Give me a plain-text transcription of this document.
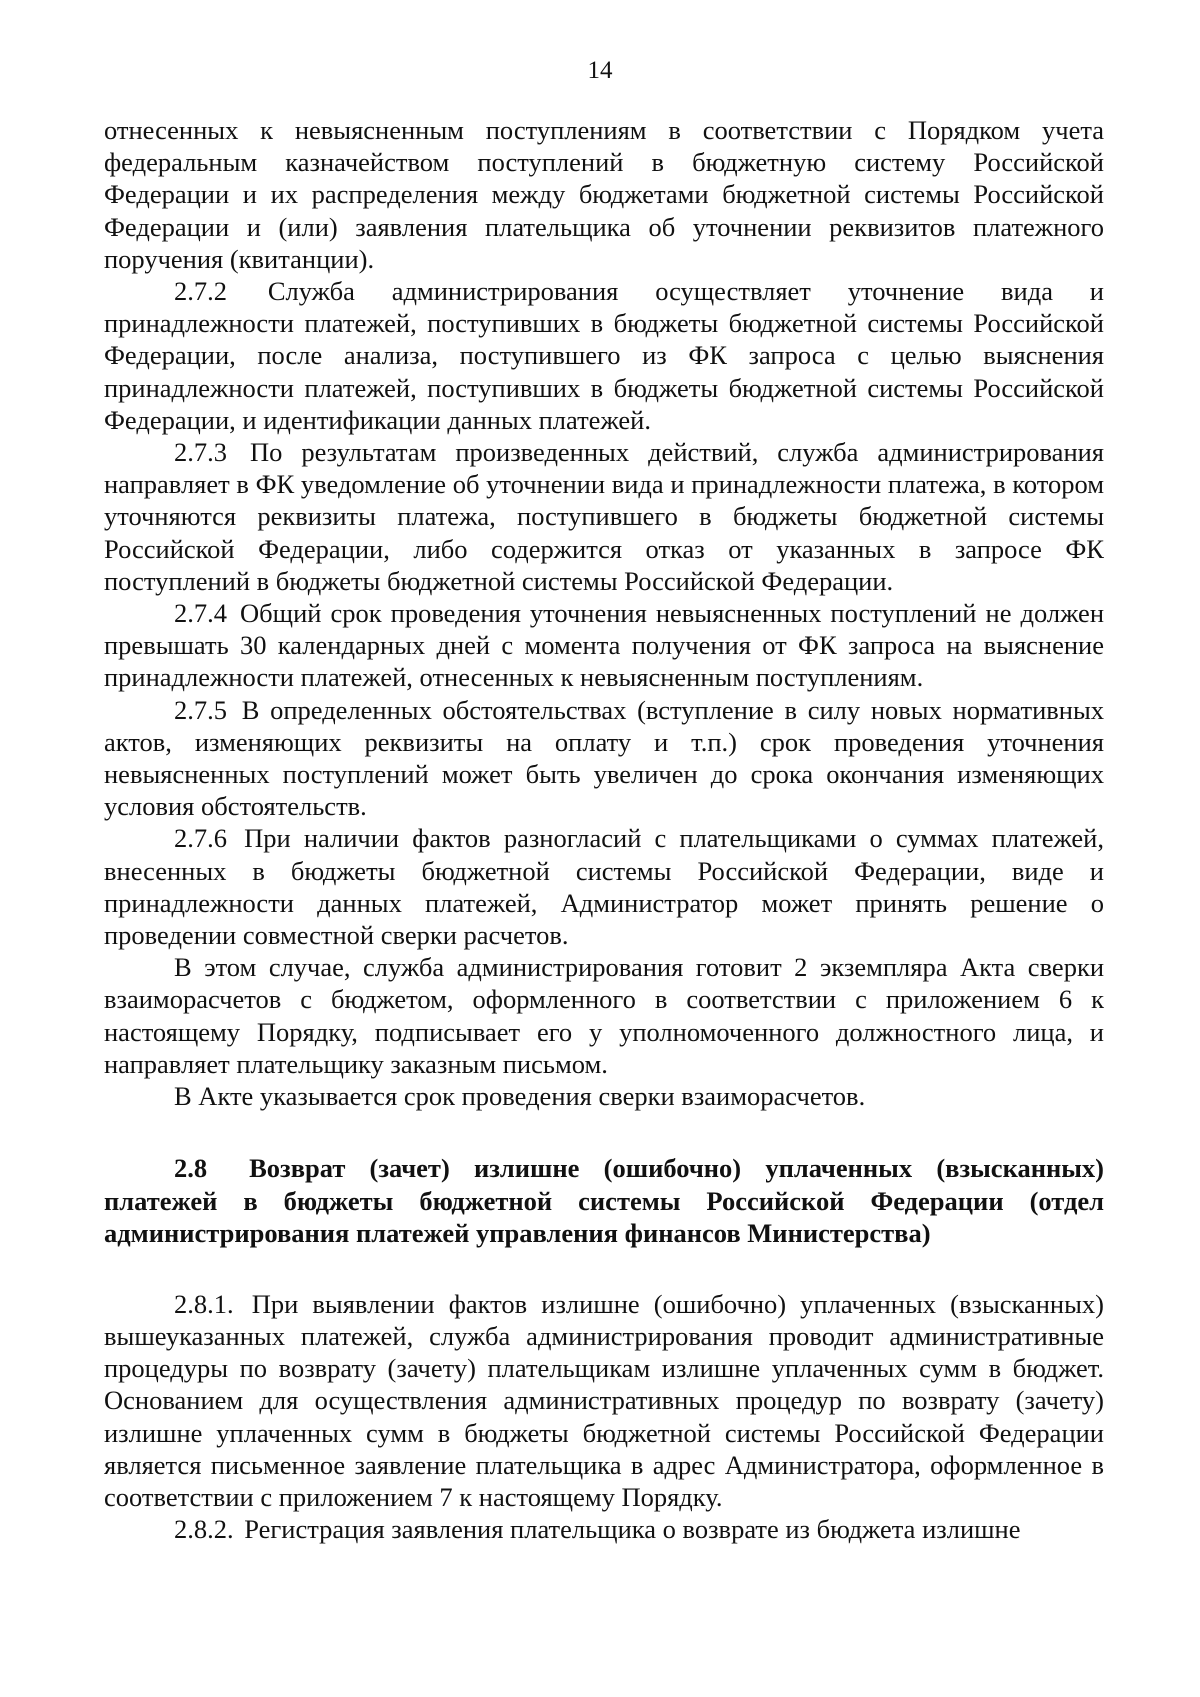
14

отнесенных к невыясненным поступлениям в соответствии с Порядком учета федеральным казначейством поступлений в бюджетную систему Российской Федерации и их распределения между бюджетами бюджетной системы Российской Федерации и (или) заявления плательщика об уточнении реквизитов платежного поручения (квитанции).

2.7.2 Служба администрирования осуществляет уточнение вида и принадлежности платежей, поступивших в бюджеты бюджетной системы Российской Федерации, после анализа, поступившего из ФК запроса с целью выяснения принадлежности платежей, поступивших в бюджеты бюджетной системы Российской Федерации, и идентификации данных платежей.

2.7.3 По результатам произведенных действий, служба администрирования направляет в ФК уведомление об уточнении вида и принадлежности платежа, в котором уточняются реквизиты платежа, поступившего в бюджеты бюджетной системы Российской Федерации, либо содержится отказ от указанных в запросе ФК поступлений в бюджеты бюджетной системы Российской Федерации.

2.7.4 Общий срок проведения уточнения невыясненных поступлений не должен превышать 30 календарных дней с момента получения от ФК запроса на выяснение принадлежности платежей, отнесенных к невыясненным поступлениям.

2.7.5 В определенных обстоятельствах (вступление в силу новых нормативных актов, изменяющих реквизиты на оплату и т.п.) срок проведения уточнения невыясненных поступлений может быть увеличен до срока окончания изменяющих условия обстоятельств.

2.7.6 При наличии фактов разногласий с плательщиками о суммах платежей, внесенных в бюджеты бюджетной системы Российской Федерации, виде и принадлежности данных платежей, Администратор может принять решение о проведении совместной сверки расчетов.

В этом случае, служба администрирования готовит 2 экземпляра Акта сверки взаиморасчетов с бюджетом, оформленного в соответствии с приложением 6 к настоящему Порядку, подписывает его у уполномоченного должностного лица, и направляет плательщику заказным письмом.

В Акте указывается срок проведения сверки взаиморасчетов.

2.8 Возврат (зачет) излишне (ошибочно) уплаченных (взысканных) платежей в бюджеты бюджетной системы Российской Федерации (отдел администрирования платежей управления финансов Министерства)

2.8.1. При выявлении фактов излишне (ошибочно) уплаченных (взысканных) вышеуказанных платежей, служба администрирования проводит административные процедуры по возврату (зачету) плательщикам излишне уплаченных сумм в бюджет. Основанием для осуществления административных процедур по возврату (зачету) излишне уплаченных сумм в бюджеты бюджетной системы Российской Федерации является письменное заявление плательщика в адрес Администратора, оформленное в соответствии с приложением 7 к настоящему Порядку.

2.8.2. Регистрация заявления плательщика о возврате из бюджета излишне
